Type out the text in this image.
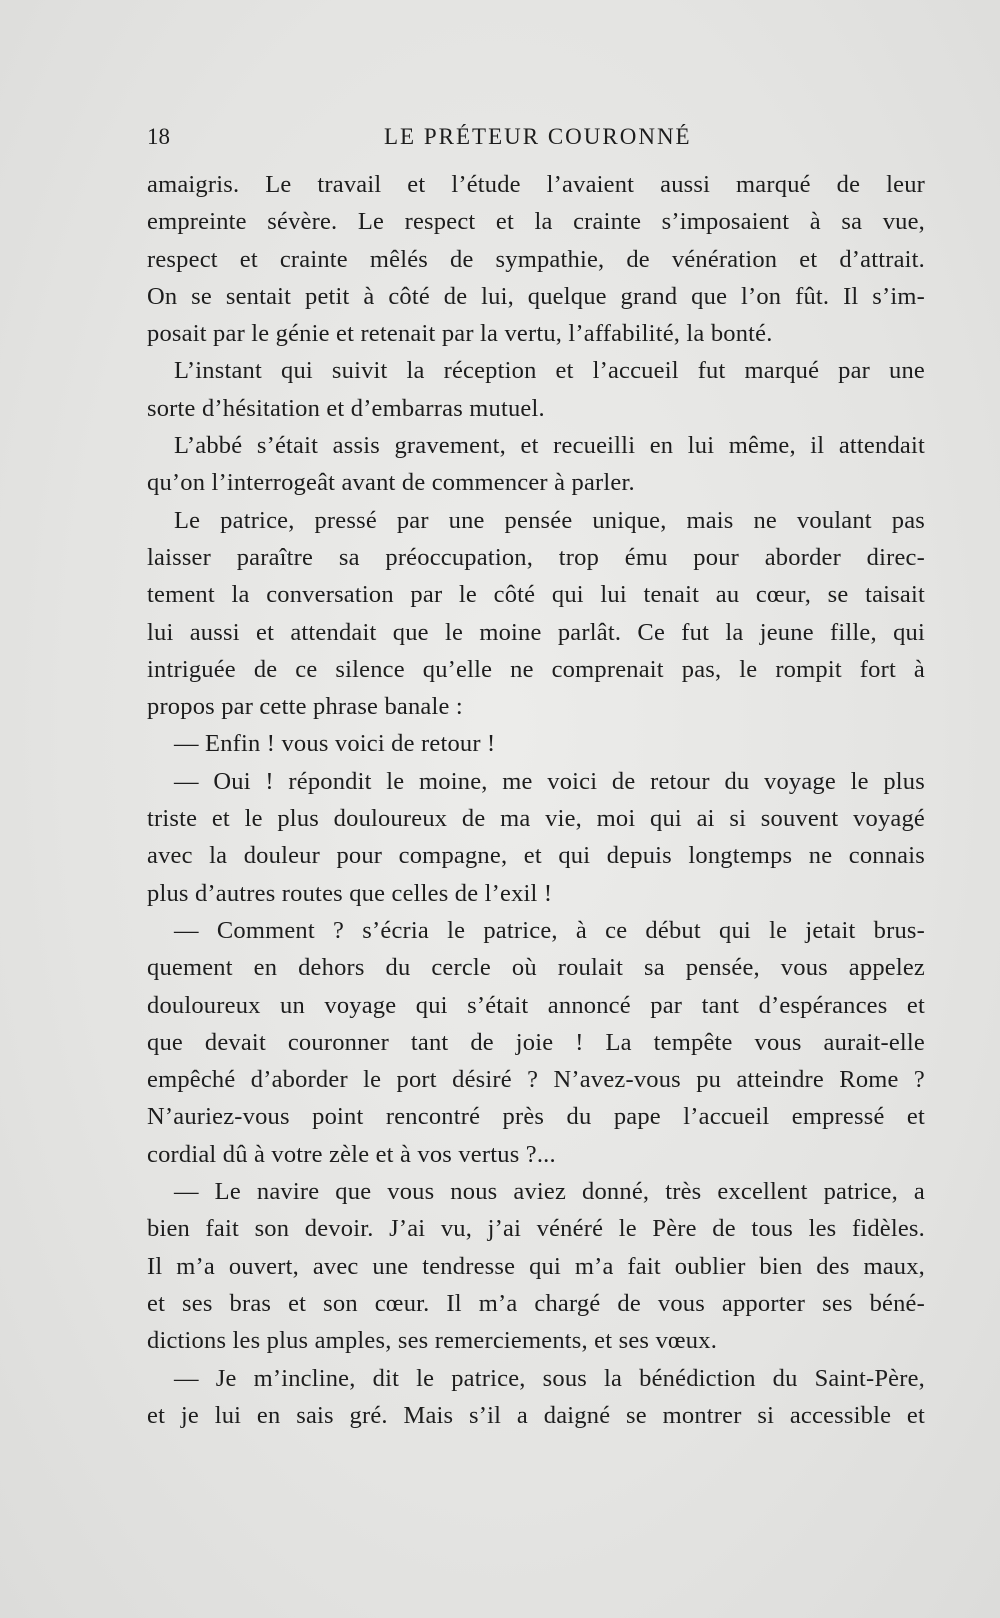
18	LE PRÉTEUR COURONNÉ
amaigris. Le travail et l’étude l’avaient aussi marqué de leur
empreinte sévère. Le respect et la crainte s’imposaient à sa vue,
respect et crainte mêlés de sympathie, de vénération et d’attrait.
On se sentait petit à côté de lui, quelque grand que l’on fût. Il s’im-
posait par le génie et retenait par la vertu, l’affabilité, la bonté.
L’instant qui suivit la réception et l’accueil fut marqué par une
sorte d’hésitation et d’embarras mutuel.
L’abbé s’était assis gravement, et recueilli en lui même, il attendait
qu’on l’interrogeât avant de commencer à parler.
Le patrice, pressé par une pensée unique, mais ne voulant pas
laisser paraître sa préoccupation, trop ému pour aborder direc-
tement la conversation par le côté qui lui tenait au cœur, se taisait
lui aussi et attendait que le moine parlât. Ce fut la jeune fille, qui
intriguée de ce silence qu’elle ne comprenait pas, le rompit fort à
propos par cette phrase banale :
— Enfin ! vous voici de retour !
— Oui ! répondit le moine, me voici de retour du voyage le plus
triste et le plus douloureux de ma vie, moi qui ai si souvent voyagé
avec la douleur pour compagne, et qui depuis longtemps ne connais
plus d’autres routes que celles de l’exil !
— Comment ? s’écria le patrice, à ce début qui le jetait brus-
quement en dehors du cercle où roulait sa pensée, vous appelez
douloureux un voyage qui s’était annoncé par tant d’espérances et
que devait couronner tant de joie ! La tempête vous aurait-elle
empêché d’aborder le port désiré ? N’avez-vous pu atteindre Rome ?
N’auriez-vous point rencontré près du pape l’accueil empressé et
cordial dû à votre zèle et à vos vertus ?...
— Le navire que vous nous aviez donné, très excellent patrice, a
bien fait son devoir. J’ai vu, j’ai vénéré le Père de tous les fidèles.
Il m’a ouvert, avec une tendresse qui m’a fait oublier bien des maux,
et ses bras et son cœur. Il m’a chargé de vous apporter ses béné-
dictions les plus amples, ses remerciements, et ses vœux.
— Je m’incline, dit le patrice, sous la bénédiction du Saint-Père,
et je lui en sais gré. Mais s’il a daigné se montrer si accessible et
